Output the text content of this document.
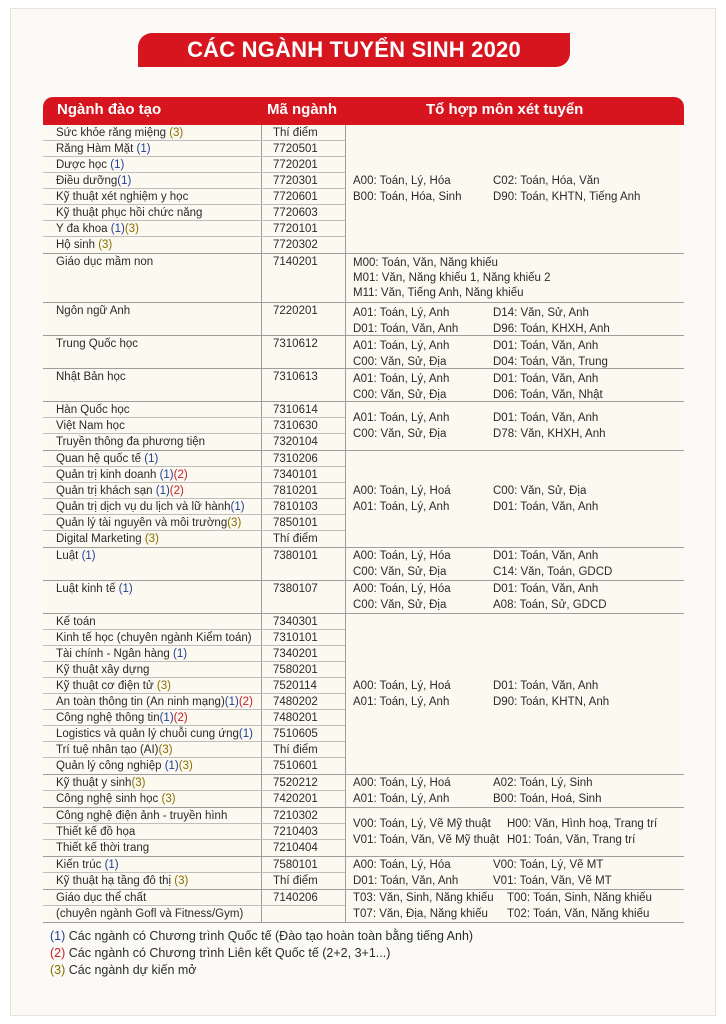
CÁC NGÀNH TUYỂN SINH 2020
Ngành đào tạo	Mã ngành	Tổ hợp môn xét tuyển
Sức khỏe răng miệng (3)	Thí điểm
Răng Hàm Mặt (1)	7720501
Dược học (1)	7720201
Điều dưỡng(1)	7720301
Kỹ thuật xét nghiệm y học	7720601
Kỹ thuật phục hồi chức năng	7720603
Y đa khoa (1)(3)	7720101
Hộ sinh (3)	7720302
A00: Toán, Lý, Hóa	C02: Toán, Hóa, Văn
B00: Toán, Hóa, Sinh	D90: Toán, KHTN, Tiếng Anh
Giáo dục mầm non	7140201	M00: Toán, Văn, Năng khiếu
M01: Văn, Năng khiếu 1, Năng khiếu 2
M11: Văn, Tiếng Anh, Năng khiếu
Ngôn ngữ Anh	7220201	A01: Toán, Lý, Anh	D14: Văn, Sử, Anh
D01: Toán, Văn, Anh	D96: Toán, KHXH, Anh
Trung Quốc học	7310612	A01: Toán, Lý, Anh	D01: Toán, Văn, Anh
C00: Văn, Sử, Địa	D04: Toán, Văn, Trung
Nhật Bản học	7310613	A01: Toán, Lý, Anh	D01: Toán, Văn, Anh
C00: Văn, Sử, Địa	D06: Toán, Văn, Nhật
Hàn Quốc học	7310614
Việt Nam học	7310630
Truyền thông đa phương tiện	7320104
A01: Toán, Lý, Anh	D01: Toán, Văn, Anh
C00: Văn, Sử, Địa	D78: Văn, KHXH, Anh
Quan hệ quốc tế (1)	7310206
Quản trị kinh doanh (1)(2)	7340101
Quản trị khách sạn (1)(2)	7810201
Quản trị dịch vụ du lịch và lữ hành(1) 7810103
Quản lý tài nguyên và môi trường(3)	7850101
Digital Marketing (3)	Thí điểm
A00: Toán, Lý, Hoá	C00: Văn, Sử, Địa
A01: Toán, Lý, Anh	D01: Toán, Văn, Anh
Luật (1)	7380101	A00: Toán, Lý, Hóa	D01: Toán, Văn, Anh
C00: Văn, Sử, Địa	C14: Văn, Toán, GDCD
Luật kinh tế (1)	7380107	A00: Toán, Lý, Hóa	D01: Toán, Văn, Anh
C00: Văn, Sử, Địa	A08: Toán, Sử, GDCD
Kế toán	7340301
Kinh tế học (chuyên ngành Kiểm toán) 7310101
Tài chính - Ngân hàng (1)	7340201
Kỹ thuật xây dựng	7580201
Kỹ thuật cơ điện tử (3)	7520114
An toàn thông tin (An ninh mạng)(1)(2) 7480202
Công nghệ thông tin(1)(2)	7480201
Logistics và quản lý chuỗi cung ứng(1) 7510605
Trí tuệ nhân tạo (AI)(3)	Thí điểm
Quản lý công nghiệp (1)(3)	7510601
A00: Toán, Lý, Hoá	D01: Toán, Văn, Anh
A01: Toán, Lý, Anh	D90: Toán, KHTN, Anh
Kỹ thuật y sinh(3)	7520212
Công nghệ sinh học (3)	7420201
A00: Toán, Lý, Hoá	A02: Toán, Lý, Sinh
A01: Toán, Lý, Anh	B00: Toán, Hoá, Sinh
Công nghệ điện ảnh - truyền hình	7210302
Thiết kế đồ họa	7210403
Thiết kế thời trang	7210404
V00: Toán, Lý, Vẽ Mỹ thuật H00: Văn, Hình hoạ, Trang trí
V01: Toán, Văn, Vẽ Mỹ thuật H01: Toán, Văn, Trang trí
Kiến trúc (1)	7580101
Kỹ thuật hạ tầng đô thị (3)	Thí điểm
A00: Toán, Lý, Hóa	V00: Toán, Lý, Vẽ MT
D01: Toán, Văn, Anh	V01: Toán, Văn, Vẽ MT
Giáo dục thể chất	7140206
(chuyên ngành Gofl và Fitness/Gym)
T03: Văn, Sinh, Năng khiếu T00: Toán, Sinh, Năng khiếu
T07: Văn, Địa, Năng khiếu T02: Toán, Văn, Năng khiếu
(1) Các ngành có Chương trình Quốc tế (Đào tạo hoàn toàn bằng tiếng Anh)
(2) Các ngành có Chương trình Liên kết Quốc tế (2+2, 3+1...)
(3) Các ngành dự kiến mở
